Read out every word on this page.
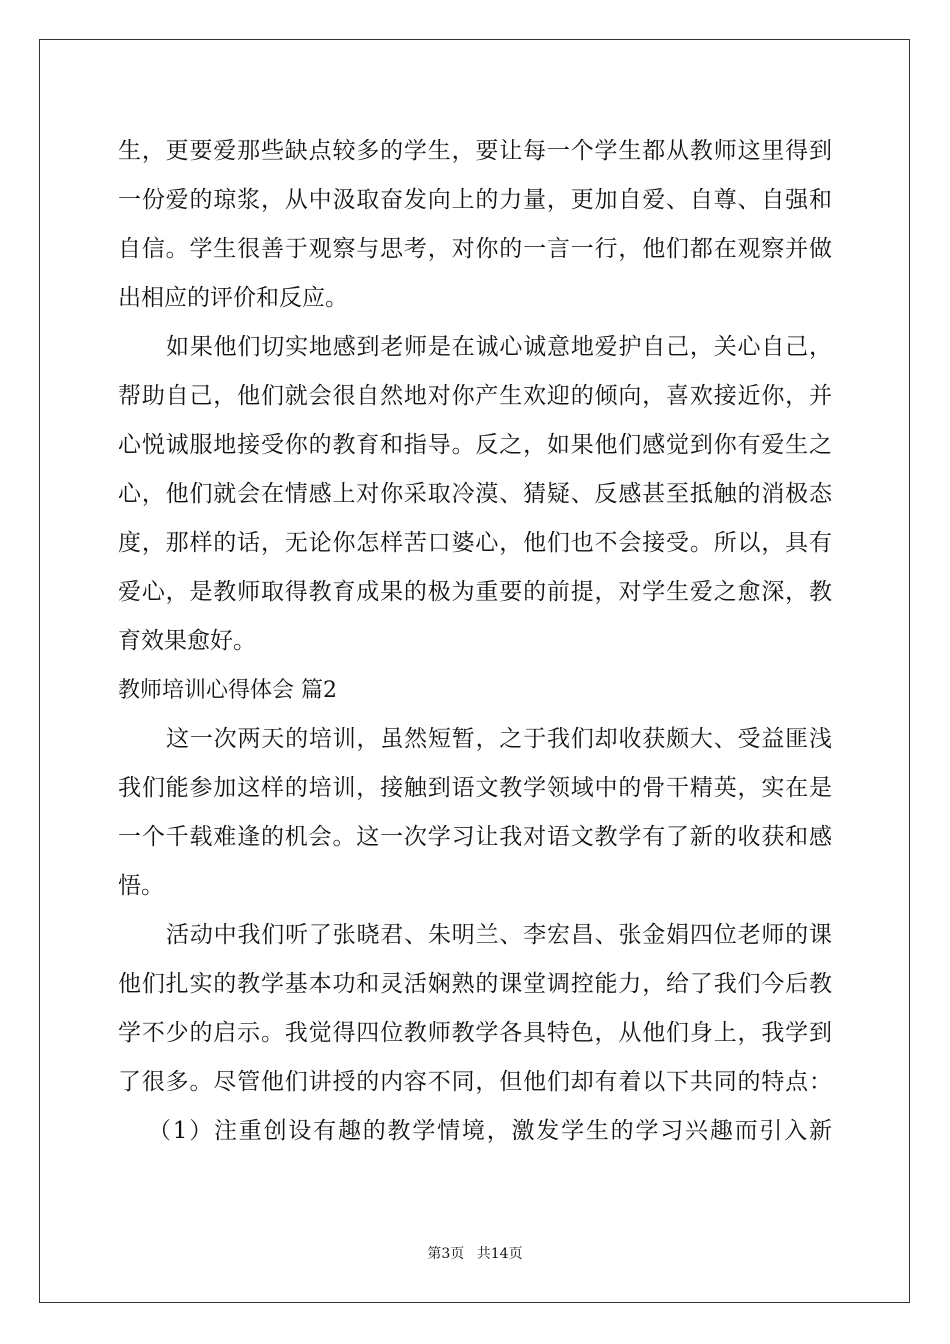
生，更要爱那些缺点较多的学生，要让每一个学生都从教师这里得到
一份爱的琼浆，从中汲取奋发向上的力量，更加自爱、自尊、自强和
自信。学生很善于观察与思考，对你的一言一行，他们都在观察并做
出相应的评价和反应。
如果他们切实地感到老师是在诚心诚意地爱护自己，关心自己，
帮助自己，他们就会很自然地对你产生欢迎的倾向，喜欢接近你，并
心悦诚服地接受你的教育和指导。反之，如果他们感觉到你有爱生之
心，他们就会在情感上对你采取冷漠、猜疑、反感甚至抵触的消极态
度，那样的话，无论你怎样苦口婆心，他们也不会接受。所以，具有
爱心，是教师取得教育成果的极为重要的前提，对学生爱之愈深，教
育效果愈好。
教师培训心得体会 篇2
这一次两天的培训，虽然短暂，之于我们却收获颇大、受益匪浅
我们能参加这样的培训，接触到语文教学领域中的骨干精英，实在是
一个千载难逢的机会。这一次学习让我对语文教学有了新的收获和感
悟。
活动中我们听了张晓君、朱明兰、李宏昌、张金娟四位老师的课
他们扎实的教学基本功和灵活娴熟的课堂调控能力，给了我们今后教
学不少的启示。我觉得四位教师教学各具特色，从他们身上，我学到
了很多。尽管他们讲授的内容不同，但他们却有着以下共同的特点：
（1）注重创设有趣的教学情境，激发学生的学习兴趣而引入新
第3页 共14页
